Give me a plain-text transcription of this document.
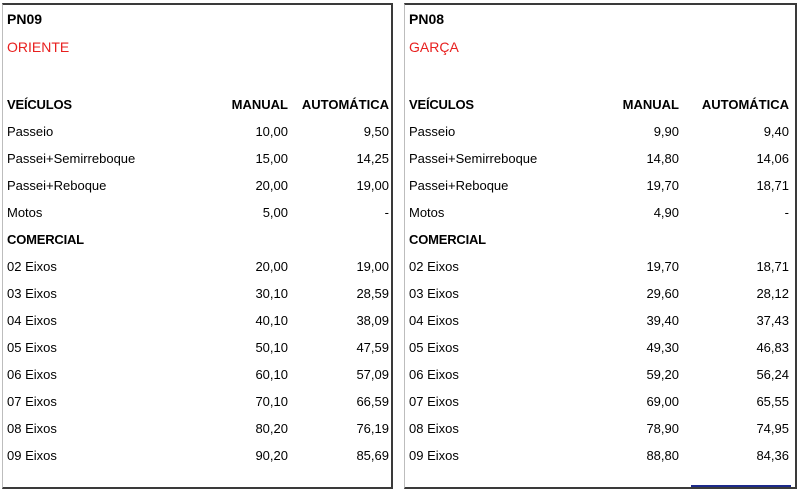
PN09
ORIENTE
VEÍCULOS	MANUAL AUTOMÁTICA
Passeio	10,00	9,50
Passei+Semirreboque	15,00	14,25
Passei+Reboque	20,00	19,00
Motos	5,00	-
COMERCIAL
02 Eixos	20,00	19,00
03 Eixos	30,10	28,59
04 Eixos	40,10	38,09
05 Eixos	50,10	47,59
06 Eixos	60,10	57,09
07 Eixos	70,10	66,59
08 Eixos	80,20	76,19
09 Eixos	90,20	85,69
PN08
GARÇA
VEÍCULOS	MANUAL AUTOMÁTICA
Passeio	9,90	9,40
Passei+Semirreboque	14,80	14,06
Passei+Reboque	19,70	18,71
Motos	4,90	-
COMERCIAL
02 Eixos	19,70	18,71
03 Eixos	29,60	28,12
04 Eixos	39,40	37,43
05 Eixos	49,30	46,83
06 Eixos	59,20	56,24
07 Eixos	69,00	65,55
08 Eixos	78,90	74,95
09 Eixos	88,80	84,36
